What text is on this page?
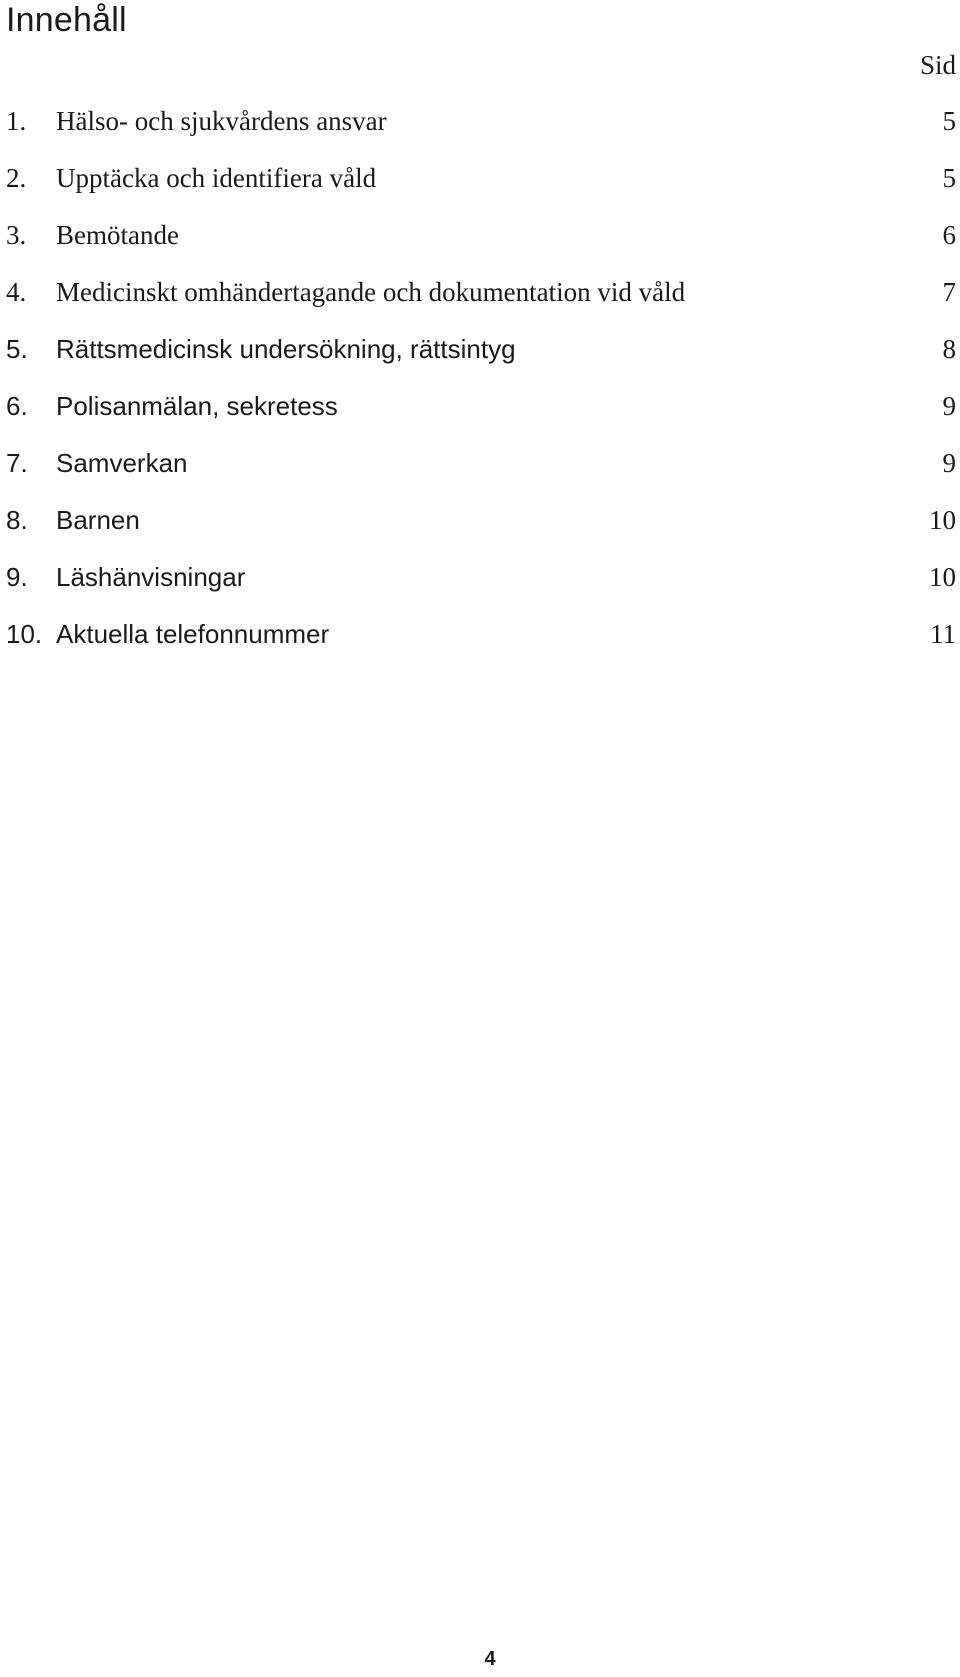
Innehåll
Sid
1. Hälso- och sjukvårdens ansvar	5
2. Upptäcka och identifiera våld	5
3. Bemötande	6
4. Medicinskt omhändertagande och dokumentation vid våld	7
5. Rättsmedicinsk undersökning, rättsintyg	8
6. Polisanmälan, sekretess	9
7. Samverkan	9
8. Barnen	10
9. Läshänvisningar	10
10. Aktuella telefonnummer	11
4
